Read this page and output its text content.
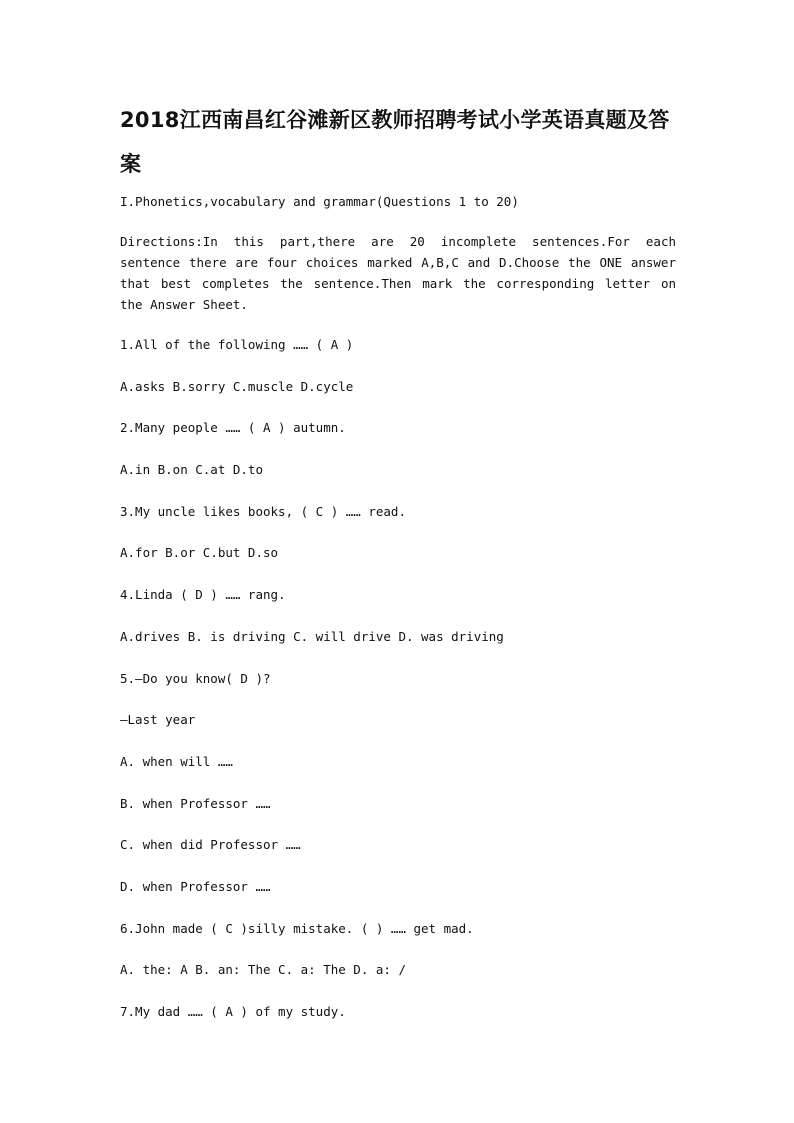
2018江西南昌红谷滩新区教师招聘考试小学英语真题及答案
I.Phonetics,vocabulary and grammar(Questions 1 to 20)
Directions:In this part,there are 20 incomplete sentences.For each sentence there are four choices marked A,B,C and D.Choose the ONE answer that best completes the sentence.Then mark the corresponding letter on the Answer Sheet.
1.All of the following …… ( A )
A.asks B.sorry C.muscle D.cycle
2.Many people …… ( A ) autumn.
A.in B.on C.at D.to
3.My uncle likes books, ( C ) …… read.
A.for B.or C.but D.so
4.Linda ( D ) …… rang.
A.drives B. is driving C. will drive D. was driving
5.—Do you know( D )?
—Last year
A. when will ……
B. when Professor ……
C. when did Professor ……
D. when Professor ……
6.John made ( C )silly mistake. ( ) …… get mad.
A. the: A B. an: The C. a: The D. a: /
7.My dad …… ( A ) of my study.
